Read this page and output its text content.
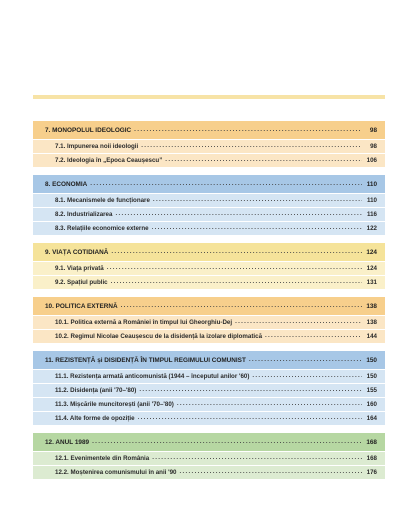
7. MONOPOLUL IDEOLOGIC .....	98
7.1. Impunerea noii ideologii .....	98
7.2. Ideologia în „Epoca Ceaușescu” .....	106
8. ECONOMIA .....	110
8.1. Mecanismele de funcționare .....	110
8.2. Industrializarea .....	116
8.3. Relațiile economice externe .....	122
9. VIAȚA COTIDIANĂ .....	124
9.1. Viața privată .....	124
9.2. Spațiul public .....	131
10. POLITICA EXTERNĂ .....	138
10.1. Politica externă a României în timpul lui Gheorghiu-Dej .....	138
10.2. Regimul Nicolae Ceaușescu de la disidență la izolare diplomatică .....	144
11. REZISTENȚĂ și DISIDENȚĂ ÎN TIMPUL REGIMULUI COMUNIST .....	150
11.1. Rezistența armată anticomunistă (1944 – începutul anilor '60) .....	150
11.2. Disidența (anii '70–'80) .....	155
11.3. Mișcările muncitorești (anii '70–'80) .....	160
11.4. Alte forme de opoziție .....	164
12. ANUL 1989 .....	168
12.1. Evenimentele din România .....	168
12.2. Moștenirea comunismului în anii '90 .....	176
